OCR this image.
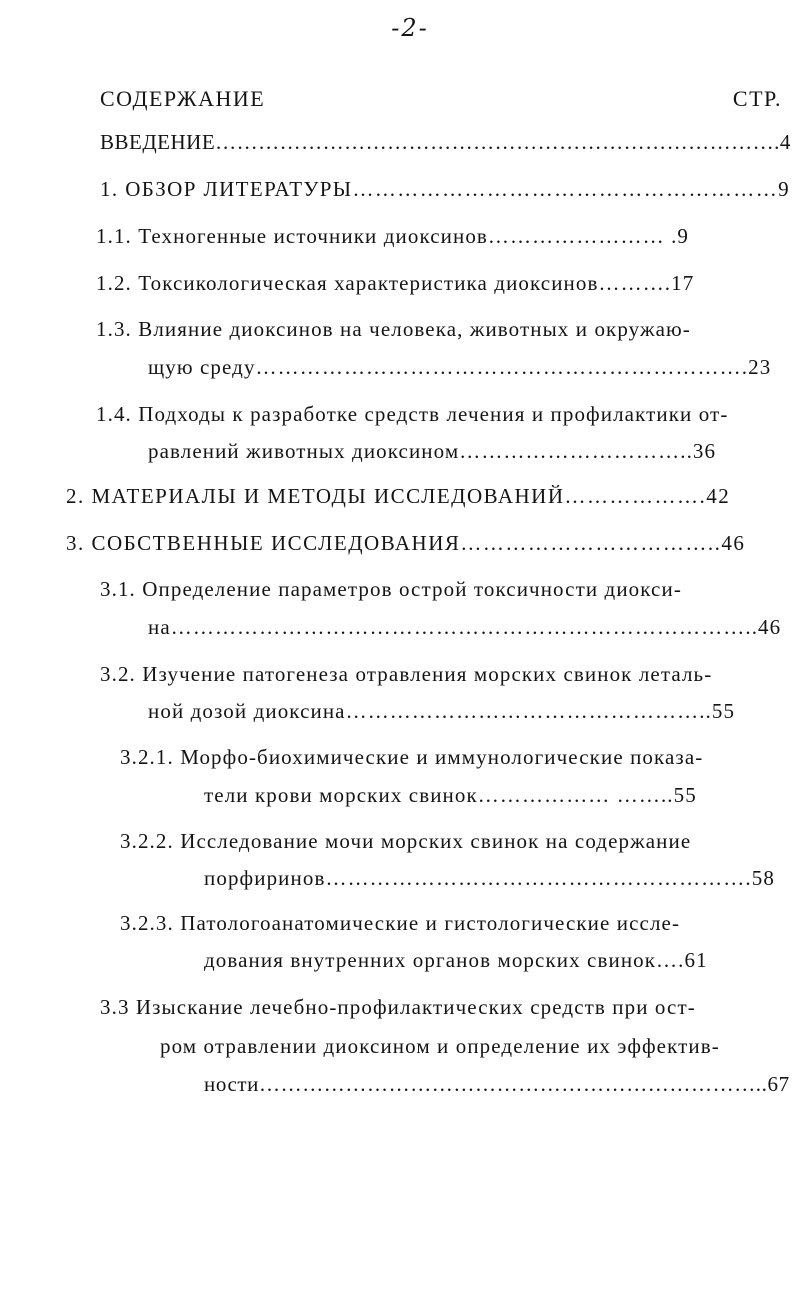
-2-
СОДЕРЖАНИЕ	СТР.
ВВЕДЕНИЕ…………………………………………………………………….4
1. ОБЗОР ЛИТЕРАТУРЫ…………………………………………………9
1.1. Техногенные источники диоксинов…………………… .9
1.2. Токсикологическая характеристика диоксинов……….17
1.3. Влияние диоксинов на человека, животных и окружаю-
щую среду………………………………………………………….23
1.4. Подходы к разработке средств лечения и профилактики от-
равлений животных диоксином…………………………..36
2. МАТЕРИАЛЫ И МЕТОДЫ ИССЛЕДОВАНИЙ……………….42
3. СОБСТВЕННЫЕ ИССЛЕДОВАНИЯ……………………………..46
3.1. Определение параметров острой токсичности диокси-
на……………………………………………………………………..46
3.2. Изучение патогенеза отравления морских свинок леталь-
ной дозой диоксина…………………………………………..55
3.2.1. Морфо-биохимические и иммунологические показа-
тели крови морских свинок……………… ……..55
3.2.2. Исследование мочи морских свинок на содержание
порфиринов………………………………………………….58
3.2.3. Патологоанатомические и гистологические иссле-
дования внутренних органов морских свинок….61
3.3 Изыскание лечебно-профилактических средств при ост-
ром отравлении диоксином и определение их эффектив-
ности……………………………………………………………..67
